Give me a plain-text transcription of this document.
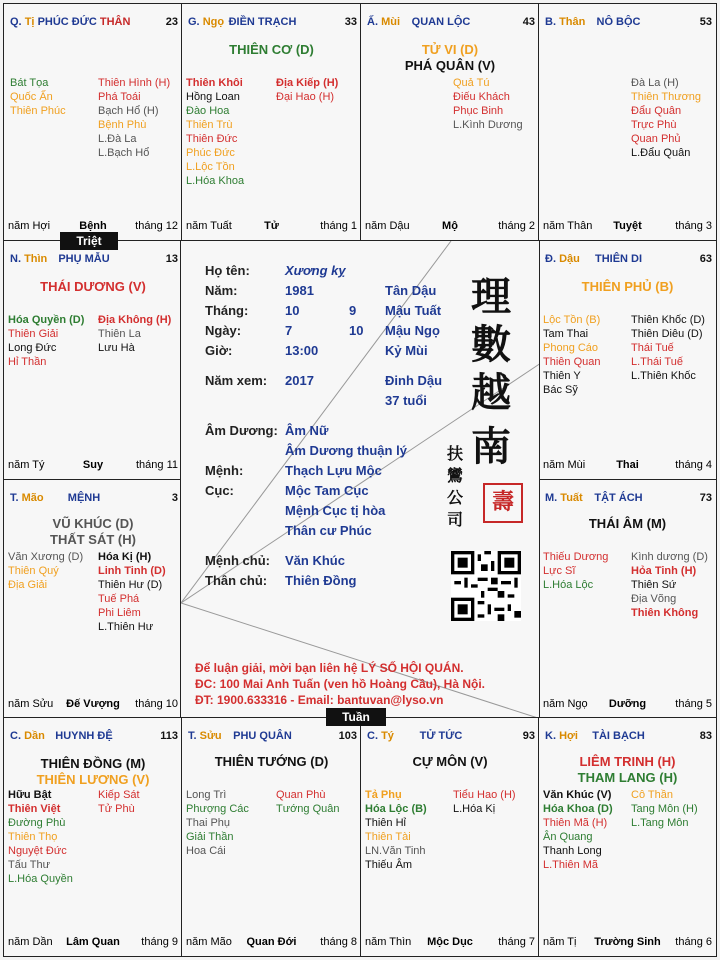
Q. Tị PHÚC ĐỨC THÂN	23
Bát Tọa
Quốc Ấn
Thiên Phúc
Thiên Hình (H)
Phá Toái
Bạch Hổ (H)
Bệnh Phù
L.Đà La
L.Bạch Hổ
năm Hợi	Bệnh	tháng 12
G. Ngọ ĐIỀN TRẠCH	33
THIÊN CƠ (D)
Thiên Khôi
Hồng Loan
Đào Hoa
Thiên Trù
Thiên Đức
Phúc Đức
L.Lộc Tồn
L.Hóa Khoa
Địa Kiếp (H)
Đại Hao (H)
năm Tuất	Tử	tháng 1
Ấ. Mùi	QUAN LỘC	43
TỬ VI (D)
PHÁ QUÂN (V)
Quả Tú
Điếu Khách
Phục Binh
L.Kình Dương
năm Dậu	Mộ	tháng 2
B. Thân	NÔ BỘC	53
Đà La (H)
Thiên Thương
Đẩu Quân
Trực Phù
Quan Phủ
L.Đẩu Quân
năm Thân	Tuyệt	tháng 3
N. Thìn	PHỤ MẪU	13
THÁI DƯƠNG (V)
Hóa Quyền (D)
Thiên Giải
Long Đức
Hỉ Thần
Địa Không (H)
Thiên La
Lưu Hà
năm Tý	Suy	tháng 11
Đ. Dậu	THIÊN DI	63
THIÊN PHỦ (B)
Lộc Tồn (B)
Tam Thai
Phong Cáo
Thiên Quan
Thiên Y
Bác Sỹ
Thiên Khốc (D)
Thiên Diêu (D)
Thái Tuế
L.Thái Tuế
L.Thiên Khốc
năm Mùi	Thai	tháng 4
T. Mão	MỆNH	3
VŨ KHÚC (D)
THẤT SÁT (H)
Văn Xương (D)
Thiên Quý
Địa Giải
Hóa Kị (H)
Linh Tinh (D)
Thiên Hư (D)
Tuế Phá
Phi Liêm
L.Thiên Hư
năm Sửu	Đế Vượng	tháng 10
M. Tuất	TẬT ÁCH	73
THÁI ÂM (M)
Thiếu Dương
Lực Sĩ
L.Hóa Lộc
Kình dương (D)
Hỏa Tinh (H)
Thiên Sứ
Địa Võng
Thiên Không
năm Ngọ	Dưỡng	tháng 5
C. Dần HUYNH ĐỆ	113
THIÊN ĐỒNG (M)
THIÊN LƯƠNG (V)
Hữu Bật
Thiên Việt
Đường Phù
Thiên Thọ
Nguyệt Đức
Tấu Thư
L.Hóa Quyền
Kiếp Sát
Tử Phù
năm Dần	Lâm Quan	tháng 9
T. Sửu	PHU QUÂN	103
THIÊN TƯỚNG (D)
Long Trì
Phượng Các
Thai Phụ
Giải Thần
Hoa Cái
Quan Phù
Tướng Quân
năm Mão	Quan Đới	tháng 8
C. Tý	TỬ TỨC	93
CỰ MÔN (V)
Tả Phụ
Hóa Lộc (B)
Thiên Hỉ
Thiên Tài
LN.Văn Tinh
Thiếu Âm
Tiểu Hao (H)
L.Hóa Kị
năm Thìn	Mộc Dục	tháng 7
K. Hợi	TÀI BẠCH	83
LIÊM TRINH (H)
THAM LANG (H)
Văn Khúc (V)
Hóa Khoa (D)
Thiên Mã (H)
Ân Quang
Thanh Long
L.Thiên Mã
Cô Thần
Tang Môn (H)
L.Tang Môn
năm Tị	Trường Sinh	tháng 6
Họ tên:	Xương kỵ
Năm:	1981	Tân Dậu
Tháng:	10	9 Mậu Tuất
Ngày:	7	10 Mậu Ngọ
Giờ:	13:00	Kỷ Mùi
Năm xem: 2017	Đinh Dậu
37 tuổi
Âm Dương: Âm Nữ
Âm Dương thuận lý
Mệnh:	Thạch Lựu Mộc
Cục:	Mộc Tam Cục
Mệnh Cục tị hòa
Thân cư Phúc
Mệnh chủ: Văn Khúc
Thân chủ: Thiên Đồng
理
數
越
南
扶
鸞
公
司
壽
Để luận giải, mời bạn liên hệ LÝ SỐ HỘI QUÁN.
ĐC: 100 Mai Anh Tuấn (ven hồ Hoàng Cầu), Hà Nội.
ĐT: 1900.633316 - Email: bantuvan@lyso.vn
Triệt
Tuần
